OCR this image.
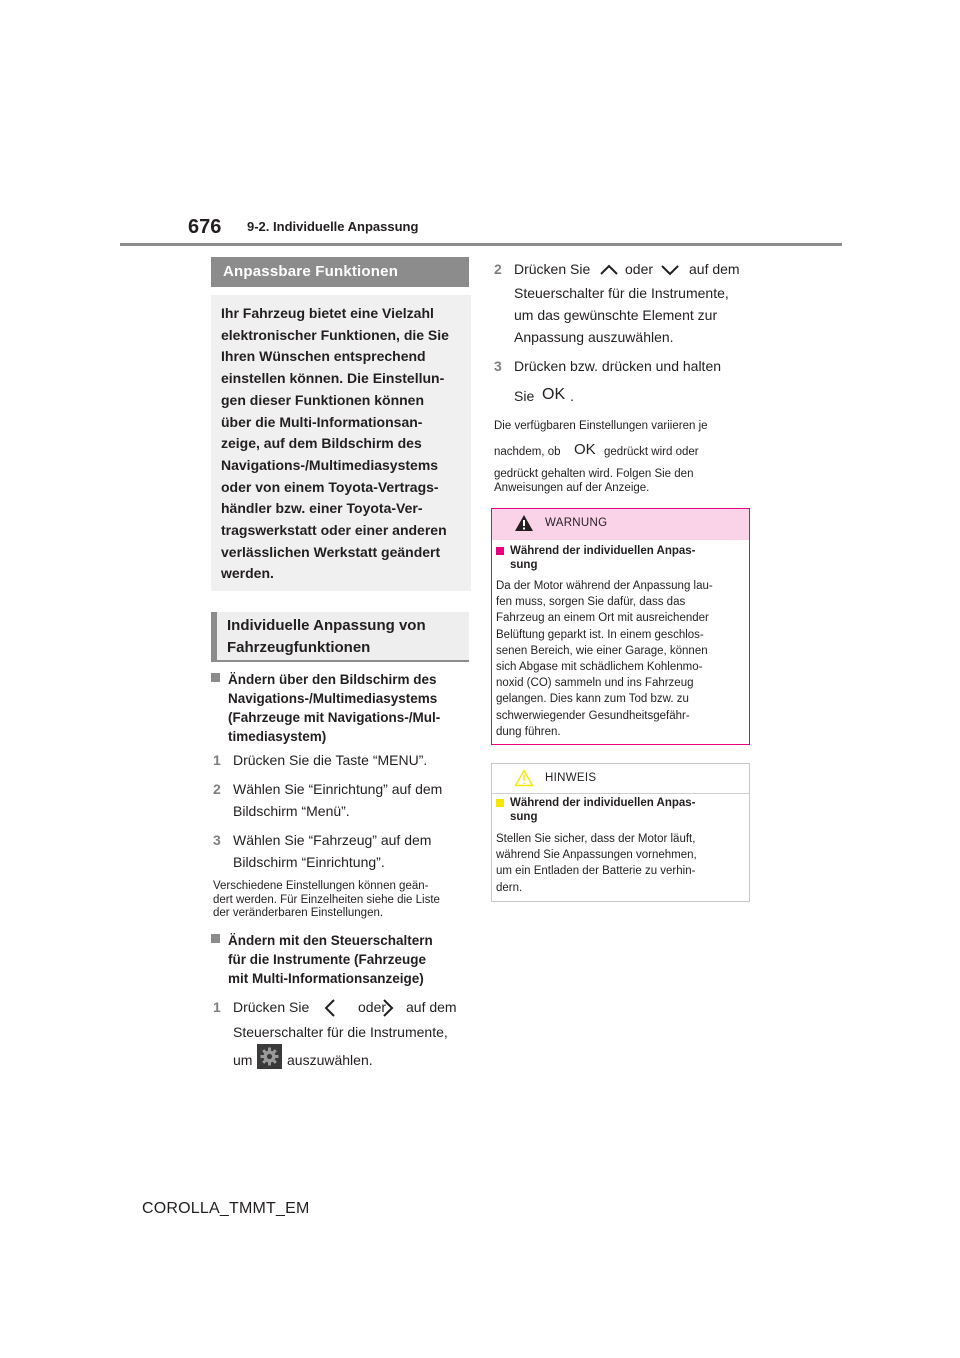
676 9-2. Individuelle Anpassung
Anpassbare Funktionen
Ihr Fahrzeug bietet eine Vielzahl
elektronischer Funktionen, die Sie
Ihren Wünschen entsprechend
einstellen können. Die Einstellun-
gen dieser Funktionen können
über die Multi-Informationsan-
zeige, auf dem Bildschirm des
Navigations-/Multimediasystems
oder von einem Toyota-Vertrags-
händler bzw. einer Toyota-Ver-
tragswerkstatt oder einer anderen
verlässlichen Werkstatt geändert
werden.
Individuelle Anpassung von
Fahrzeugfunktionen
Ändern über den Bildschirm des
Navigations-/Multimediasystems
(Fahrzeuge mit Navigations-/Mul-
timediasystem)
1 Drücken Sie die Taste “MENU”.
2 Wählen Sie “Einrichtung” auf dem
Bildschirm “Menü”.
3 Wählen Sie “Fahrzeug” auf dem
Bildschirm “Einrichtung”.
Verschiedene Einstellungen können geän-
dert werden. Für Einzelheiten siehe die Liste
der veränderbaren Einstellungen.
Ändern mit den Steuerschaltern
für die Instrumente (Fahrzeuge
mit Multi-Informationsanzeige)
1 Drücken Sie	oder auf dem
Steuerschalter für die Instrumente,
um auszuwählen.
2 Drücken Sie oder	auf dem
Steuerschalter für die Instrumente,
um das gewünschte Element zur
Anpassung auszuwählen.
3 Drücken bzw. drücken und halten
Sie OK .
Die verfügbaren Einstellungen variieren je
nachdem, ob OK gedrückt wird oder
gedrückt gehalten wird. Folgen Sie den
Anweisungen auf der Anzeige.
WARNUNG
Während der individuellen Anpas-
sung
Da der Motor während der Anpassung lau-
fen muss, sorgen Sie dafür, dass das
Fahrzeug an einem Ort mit ausreichender
Belüftung geparkt ist. In einem geschlos-
senen Bereich, wie einer Garage, können
sich Abgase mit schädlichem Kohlenmo-
noxid (CO) sammeln und ins Fahrzeug
gelangen. Dies kann zum Tod bzw. zu
schwerwiegender Gesundheitsgefähr-
dung führen.
HINWEIS
Während der individuellen Anpas-
sung
Stellen Sie sicher, dass der Motor läuft,
während Sie Anpassungen vornehmen,
um ein Entladen der Batterie zu verhin-
dern.
COROLLA_TMMT_EM
